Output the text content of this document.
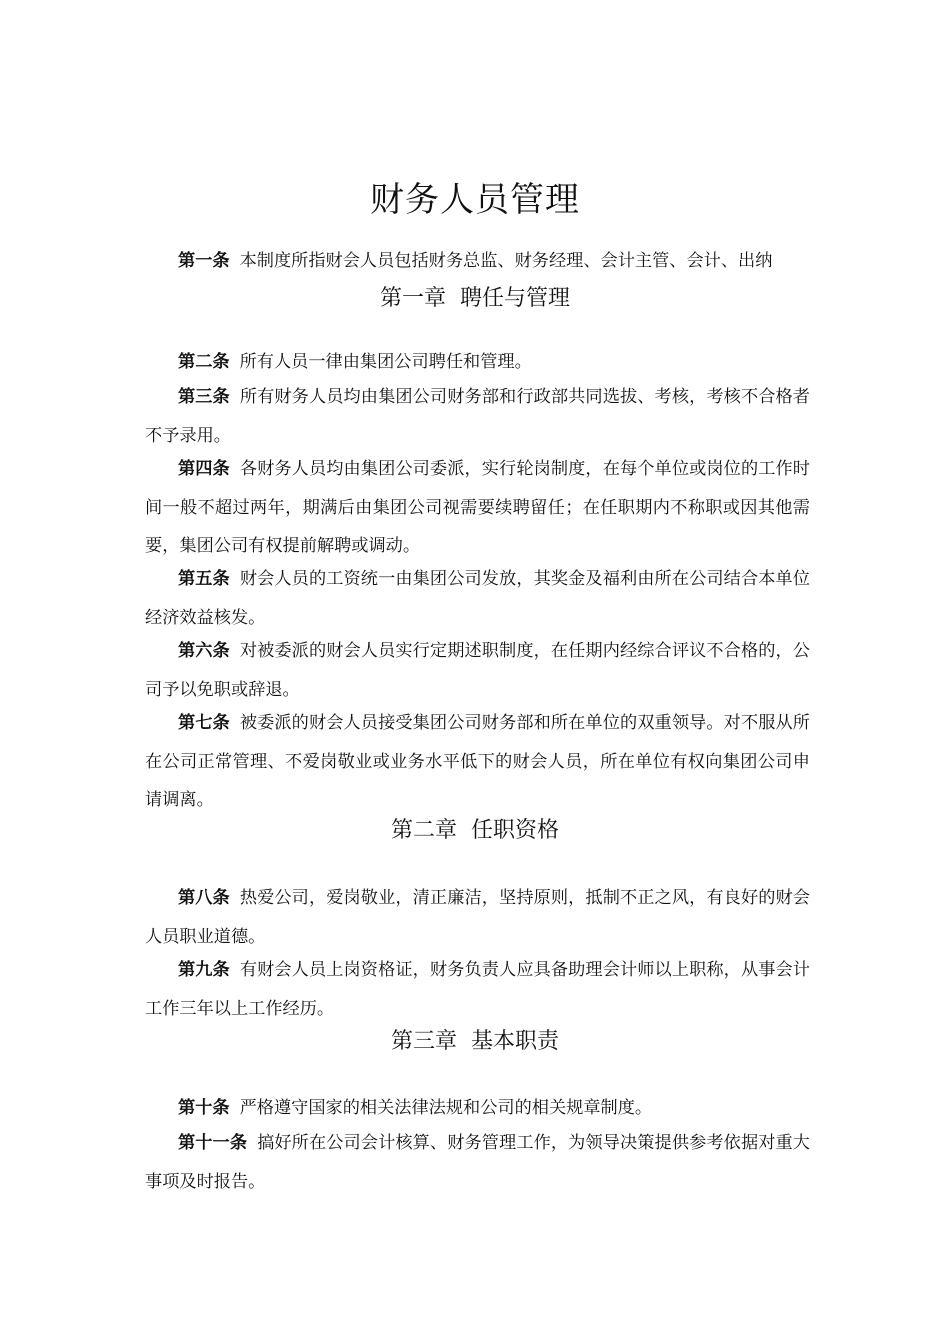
财务人员管理

第一条 本制度所指财会人员包括财务总监、财务经理、会计主管、会计、出纳

第一章 聘任与管理

第二条 所有人员一律由集团公司聘任和管理。

第三条 所有财务人员均由集团公司财务部和行政部共同选拔、考核，考核不合格者不予录用。

第四条 各财务人员均由集团公司委派，实行轮岗制度，在每个单位或岗位的工作时间一般不超过两年，期满后由集团公司视需要续聘留任；在任职期内不称职或因其他需要，集团公司有权提前解聘或调动。

第五条 财会人员的工资统一由集团公司发放，其奖金及福利由所在公司结合本单位经济效益核发。

第六条 对被委派的财会人员实行定期述职制度，在任期内经综合评议不合格的，公司予以免职或辞退。

第七条 被委派的财会人员接受集团公司财务部和所在单位的双重领导。对不服从所在公司正常管理、不爱岗敬业或业务水平低下的财会人员，所在单位有权向集团公司申请调离。

第二章 任职资格

第八条 热爱公司，爱岗敬业，清正廉洁，坚持原则，抵制不正之风，有良好的财会人员职业道德。

第九条 有财会人员上岗资格证，财务负责人应具备助理会计师以上职称，从事会计工作三年以上工作经历。

第三章 基本职责

第十条 严格遵守国家的相关法律法规和公司的相关规章制度。

第十一条 搞好所在公司会计核算、财务管理工作，为领导决策提供参考依据对重大事项及时报告。
